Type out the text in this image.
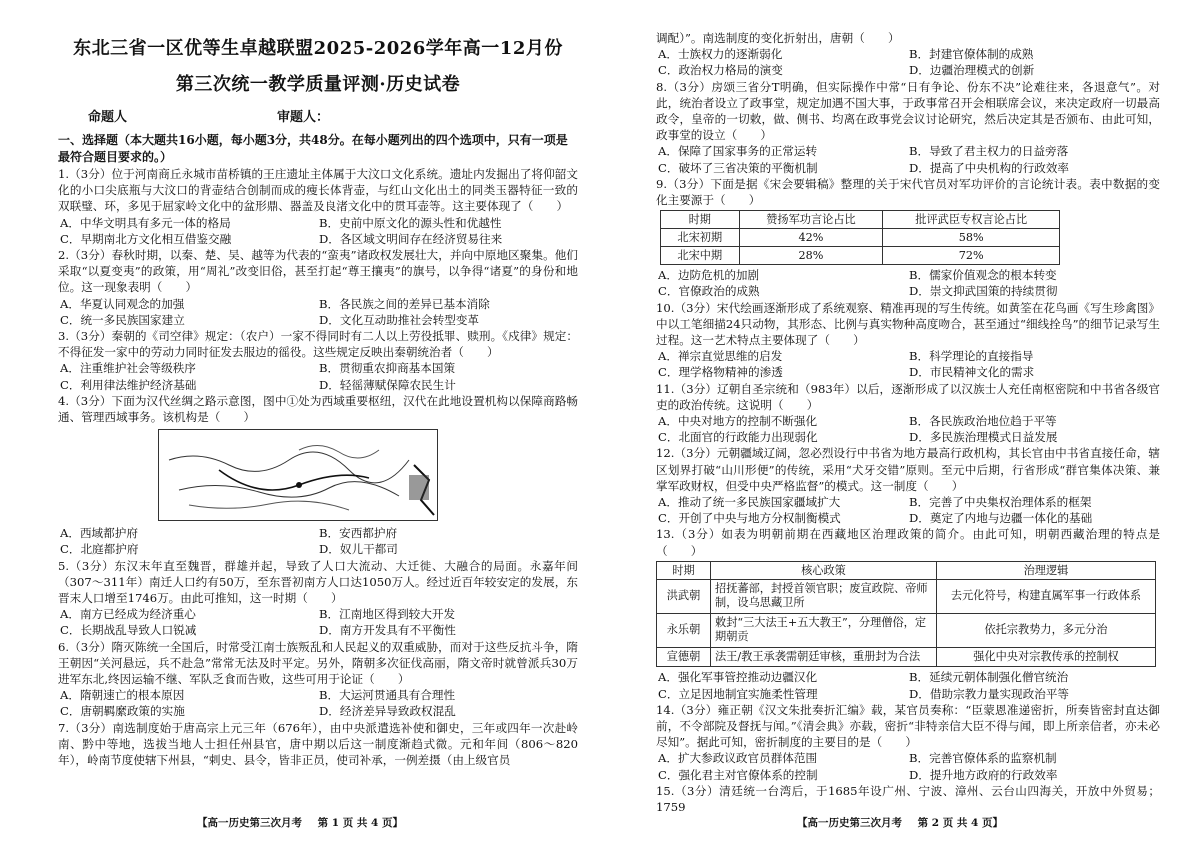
东北三省一区优等生卓越联盟2025-2026学年高一12月份
第三次统一教学质量评测·历史试卷
命题人	审题人：
一、选择题（本大题共16小题，每小题3分，共48分。在每小题列出的四个选项中，只有一项是最符合题目要求的。）
1.（3分）位于河南商丘永城市苗桥镇的王庄遗址主体属于大汶口文化系统。遗址内发掘出了将仰韶文化的小口尖底瓶与大汶口的背壶结合创制而成的瘦长体背壶，与红山文化出土的同类玉器特征一致的双联璧、环，多见于屈家岭文化中的盆形鼎、器盖及良渚文化中的贯耳壶等。这主要体现了（　　）
A．中华文明具有多元一体的格局	B．史前中原文化的源头性和优越性
C．早期南北方文化相互借鉴交融	D．各区域文明间存在经济贸易往来
2.（3分）春秋时期，以秦、楚、吴、越等为代表的“蛮夷”诸政权发展壮大，并向中原地区聚集。他们采取“以夏变夷”的政策，用“周礼”改变旧俗，甚至打起“尊王攘夷”的旗号，以争得“诸夏”的身份和地位。这一现象表明（　　）
A．华夏认同观念的加强	B．各民族之间的差异已基本消除
C．统一多民族国家建立	D．文化互动助推社会转型变革
3.（3分）秦朝的《司空律》规定：（农户）一家不得同时有二人以上劳役抵罪、赎刑。《戍律》规定：不得征发一家中的劳动力同时征发去服边的徭役。这些规定反映出秦朝统治者（　　）
A．注重维护社会等级秩序	B．贯彻重农抑商基本国策
C．利用律法维护经济基础	D．轻徭薄赋保障农民生计
4.（3分）下面为汉代丝绸之路示意图，图中①处为西域重要枢纽，汉代在此地设置机构以保障商路畅通、管理西域事务。该机构是（　　）
A．西域都护府	B．安西都护府
C．北庭都护府	D．奴儿干都司
5.（3分）东汉末年直至魏晋，群雄并起，导致了人口大流动、大迁徙、大融合的局面。永嘉年间（307～311年）南迁人口约有50万，至东晋初南方人口达1050万人。经过近百年较安定的发展，东晋末人口增至1746万。由此可推知，这一时期（　　）
A．南方已经成为经济重心	B．江南地区得到较大开发
C．长期战乱导致人口锐减	D．南方开发具有不平衡性
6.（3分）隋灭陈统一全国后，时常受江南士族叛乱和人民起义的双重威胁，而对于这些反抗斗争，隋王朝因“关河悬远，兵不赴急”常常无法及时平定。另外，隋朝多次征伐高丽，隋文帝时就曾派兵30万进军东北,终因运输不继、军队乏食而告败，这些可用于论证（　　）
A．隋朝速亡的根本原因	B．大运河贯通具有合理性
C．唐朝羁縻政策的实施	D．经济差异导致政权混乱
7.（3分）南选制度始于唐高宗上元三年（676年），由中央派遣选补使和御史，三年或四年一次赴岭南、黔中等地，选拔当地人士担任州县官，唐中期以后这一制度渐趋式微。元和年间（806～820年），岭南节度使辖下州县，“剌史、县令，皆非正员，使司补承，一例差摄（由上级官员
【高一历史第三次月考 第 1 页 共 4 页】
调配）”。南选制度的变化折射出，唐朝（　　）
A．士族权力的逐渐弱化	B．封建官僚体制的成熟
C．政治权力格局的演变	D．边疆治理模式的创新
8.（3分）房颂三省分T明确，但实际操作中常“日有争论、份东不决”论难往来，各退意气”。对此，统治者设立了政事堂，规定加遇不国大事，于政事常召开会相联席会议，来决定政府一切最高政令，皇帝的一切敕，做、侧书、均离在政事党会议讨论研究，然后决定其是否颁布、由此可知，政事堂的设立（　　）
A．保障了国家事务的正常运转	B．导致了君主权力的日益旁落
C．破坏了三省决策的平衡机制	D．提高了中央机构的行政效率
9.（3分）下面是据《宋会要辑稿》整理的关于宋代官员对军功评价的言论统计表。表中数据的变化主要源于（　　）
时期	赞扬军功言论占比	批评武臣专权言论占比
北宋初期	42%	58%
北宋中期	28%	72%
A．边防危机的加剧	B．儒家价值观念的根本转变
C．官僚政治的成熟	D．崇文抑武国策的持续贯彻
10.（3分）宋代绘画逐渐形成了系统观察、精准再现的写生传统。如黄筌在花鸟画《写生珍禽图》中以工笔细描24只动物，其形态、比例与真实物种高度吻合，甚至通过“细线拴鸟”的细节记录写生过程。这一艺术特点主要体现了（　　）
A．禅宗直觉思维的启发	B．科学理论的直接指导
C．理学格物精神的渗透	D．市民精神文化的需求
11.（3分）辽朝自圣宗统和（983年）以后，逐渐形成了以汉族士人充任南枢密院和中书省各级官吏的政治传统。这说明（　　）
A．中央对地方的控制不断强化	B．各民族政治地位趋于平等
C．北面官的行政能力出现弱化	D．多民族治理模式日益发展
12.（3分）元朝疆域辽阔，忽必烈设行中书省为地方最高行政机构，其长官由中书省直接任命，辖区划界打破“山川形便”的传统，采用“犬牙交错”原则。至元中后期，行省形成“群官集体决策、兼掌军政财权，但受中央严格监督”的模式。这一制度（　　）
A．推动了统一多民族国家疆域扩大	B．完善了中央集权治理体系的框架
C．开创了中央与地方分权制衡模式	D．奠定了内地与边疆一体化的基础
13.（3分）如表为明朝前期在西藏地区治理政策的简介。由此可知，明朝西藏治理的特点是（　　）
时期	核心政策	治理逻辑
洪武朝	招抚蕃部，封授首领官职；废宣政院、帝师制，设乌思藏卫所	去元化符号，构建直属军事一行政体系
永乐朝	敕封“三大法王+五大教王”，分理僧俗，定期朝贡	依托宗教势力，多元分治
宣德朝	法王/教王承袭需朝廷审核，重册封为合法	强化中央对宗教传承的控制权
A．强化军事管控推动边疆汉化	B．延续元朝体制强化僧官统治
C．立足因地制宜实施柔性管理	D．借助宗教力量实现政治平等
14.（3分）雍正朝《汉文朱批奏折汇编》载，某官员奏称：“臣蒙恩准递密折，所奏皆密封直达御前，不令部院及督抚与闻。”《清会典》亦载，密折“非特亲信大臣不得与闻，即上所亲信者，亦未必尽知”。据此可知，密折制度的主要目的是（　　）
A．扩大参政议政官员群体范围	B．完善官僚体系的监察机制
C．强化君主对官僚体系的控制	D．提升地方政府的行政效率
15.（3分）清廷统一台湾后，于1685年设广州、宁波、漳州、云台山四海关，开放中外贸易；1759
【高一历史第三次月考 第 2 页 共 4 页】
